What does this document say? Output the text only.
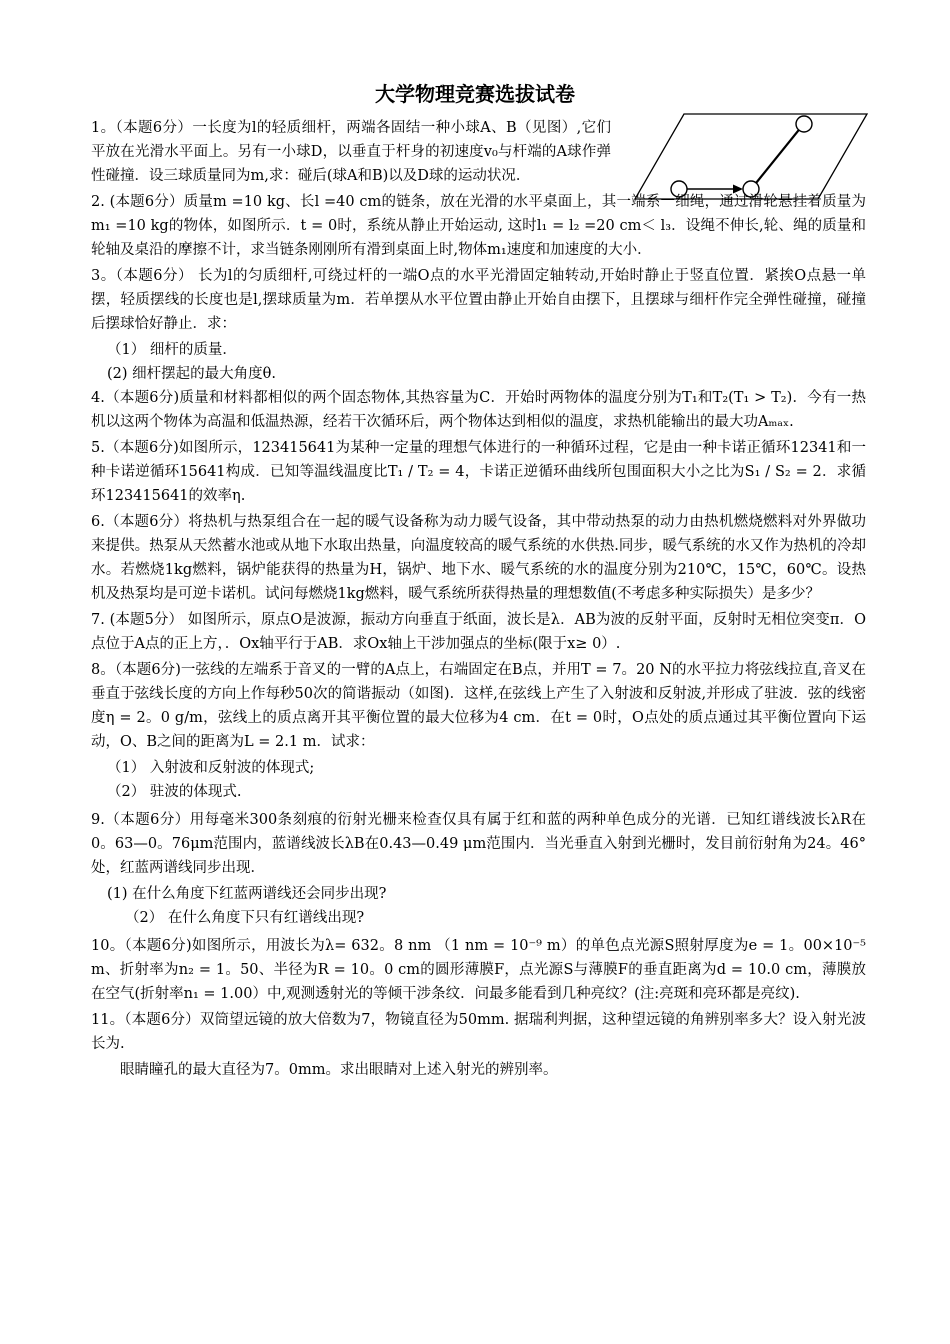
大学物理竞赛选拔试卷

1。（本题6分）一长度为l的轻质细杆，两端各固结一种小球A、B（见图）,它们平放在光滑水平面上。另有一小球D，以垂直于杆身的初速度v₀与杆端的A球作弹性碰撞．设三球质量同为m,求：碰后(球A和B)以及D球的运动状况．

2. (本题6分）质量m =10 kg、长l =40 cm的链条，放在光滑的水平桌面上，其一端系一细绳，通过滑轮悬挂着质量为m₁ =10 kg的物体，如图所示．t = 0时，系统从静止开始运动, 这时l₁ = l₂ =20 cm＜ l₃．设绳不伸长,轮、绳的质量和轮轴及桌沿的摩擦不计，求当链条刚刚所有滑到桌面上时,物体m₁速度和加速度的大小．

3。（本题6分） 长为l的匀质细杆,可绕过杆的一端O点的水平光滑固定轴转动,开始时静止于竖直位置．紧挨O点悬一单摆，轻质摆线的长度也是l,摆球质量为m．若单摆从水平位置由静止开始自由摆下，且摆球与细杆作完全弹性碰撞，碰撞后摆球恰好静止．求：

（1） 细杆的质量．
(2) 细杆摆起的最大角度θ.

4.（本题6分)质量和材料都相似的两个固态物体,其热容量为C．开始时两物体的温度分别为T₁和T₂(T₁ > T₂)．今有一热机以这两个物体为高温和低温热源，经若干次循环后，两个物体达到相似的温度，求热机能输出的最大功Aₘₐₓ.

5.（本题6分)如图所示，123415641为某种一定量的理想气体进行的一种循环过程，它是由一种卡诺正循环12341和一种卡诺逆循环15641构成．已知等温线温度比T₁ / T₂ = 4，卡诺正逆循环曲线所包围面积大小之比为S₁ / S₂ = 2．求循环123415641的效率η.

6.（本题6分）将热机与热泵组合在一起的暖气设备称为动力暖气设备，其中带动热泵的动力由热机燃烧燃料对外界做功来提供。热泵从天然蓄水池或从地下水取出热量，向温度较高的暖气系统的水供热.同步，暖气系统的水又作为热机的冷却水。若燃烧1kg燃料，锅炉能获得的热量为H，锅炉、地下水、暖气系统的水的温度分别为210℃，15℃，60℃。设热机及热泵均是可逆卡诺机。试问每燃烧1kg燃料，暖气系统所获得热量的理想数值(不考虑多种实际损失）是多少？

7. (本题5分） 如图所示，原点O是波源，振动方向垂直于纸面，波长是λ．AB为波的反射平面，反射时无相位突变π．O点位于A点的正上方，．Ox轴平行于AB．求Ox轴上干涉加强点的坐标(限于x≥ 0）.

8。（本题6分)一弦线的左端系于音叉的一臂的A点上，右端固定在B点，并用T = 7。20 N的水平拉力将弦线拉直,音叉在垂直于弦线长度的方向上作每秒50次的简谐振动（如图)．这样,在弦线上产生了入射波和反射波,并形成了驻波．弦的线密度η = 2。0 g/m，弦线上的质点离开其平衡位置的最大位移为4 cm．在t = 0时，O点处的质点通过其平衡位置向下运动，O、B之间的距离为L = 2.1 m．试求：

（1） 入射波和反射波的体现式;
（2） 驻波的体现式.

9.（本题6分）用每毫米300条刻痕的衍射光栅来检查仅具有属于红和蓝的两种单色成分的光谱．已知红谱线波长λR在0。63—0。76μm范围内，蓝谱线波长λB在0.43—0.49 μm范围内．当光垂直入射到光栅时，发目前衍射角为24。46°处，红蓝两谱线同步出现．

(1) 在什么角度下红蓝两谱线还会同步出现?
（2） 在什么角度下只有红谱线出现?

10。（本题6分)如图所示，用波长为λ= 632。8 nm （1 nm = 10⁻⁹ m）的单色点光源S照射厚度为e = 1。00×10⁻⁵ m、折射率为n₂ = 1。50、半径为R = 10。0 cm的圆形薄膜F，点光源S与薄膜F的垂直距离为d = 10.0 cm，薄膜放在空气(折射率n₁ = 1.00）中,观测透射光的等倾干涉条纹．问最多能看到几种亮纹？(注:亮斑和亮环都是亮纹).

11。（本题6分）双筒望远镜的放大倍数为7，物镜直径为50mm. 据瑞利判据，这种望远镜的角辨别率多大？设入射光波长为.

眼睛瞳孔的最大直径为7。0mm。求出眼睛对上述入射光的辨别率。
